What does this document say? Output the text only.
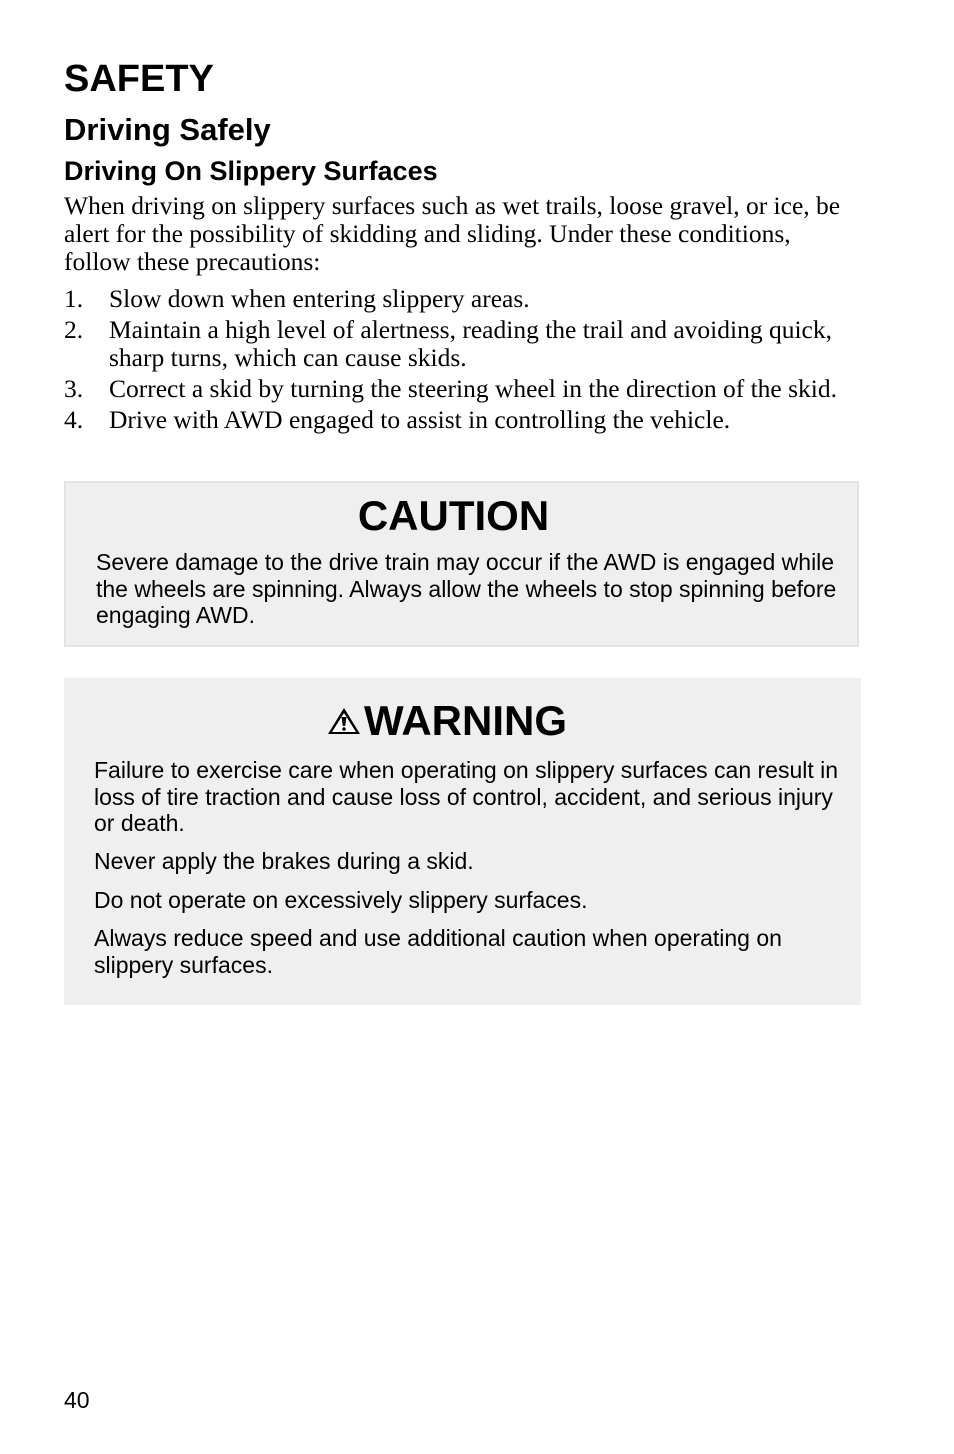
SAFETY
Driving Safely
Driving On Slippery Surfaces

When driving on slippery surfaces such as wet trails, loose gravel, or ice, be alert for the possibility of skidding and sliding. Under these conditions, follow these precautions:

1. Slow down when entering slippery areas.
2. Maintain a high level of alertness, reading the trail and avoiding quick, sharp turns, which can cause skids.
3. Correct a skid by turning the steering wheel in the direction of the skid.
4. Drive with AWD engaged to assist in controlling the vehicle.
CAUTION

Severe damage to the drive train may occur if the AWD is engaged while the wheels are spinning. Always allow the wheels to stop spinning before engaging AWD.

WARNING

Failure to exercise care when operating on slippery surfaces can result in loss of tire traction and cause loss of control, accident, and serious injury or death.

Never apply the brakes during a skid.

Do not operate on excessively slippery surfaces.

Always reduce speed and use additional caution when operating on slippery surfaces.

40
